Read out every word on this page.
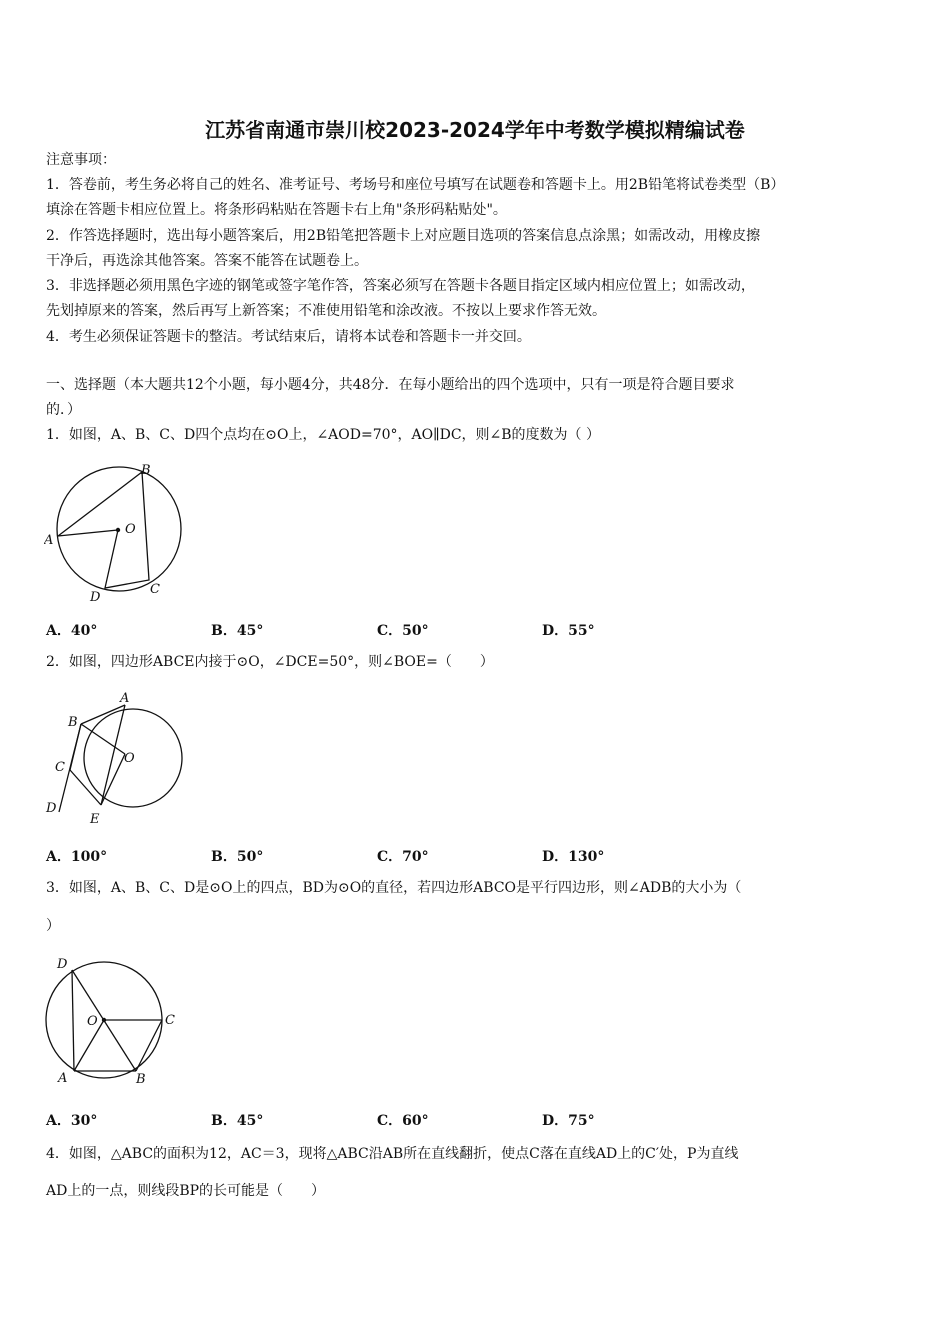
江苏省南通市崇川校2023-2024学年中考数学模拟精编试卷
注意事项：
1．答卷前，考生务必将自己的姓名、准考证号、考场号和座位号填写在试题卷和答题卡上。用2B铅笔将试卷类型（B）
填涂在答题卡相应位置上。将条形码粘贴在答题卡右上角"条形码粘贴处"。
2．作答选择题时，选出每小题答案后，用2B铅笔把答题卡上对应题目选项的答案信息点涂黑；如需改动，用橡皮擦
干净后，再选涂其他答案。答案不能答在试题卷上。
3．非选择题必须用黑色字迹的钢笔或签字笔作答，答案必须写在答题卡各题目指定区域内相应位置上；如需改动，
先划掉原来的答案，然后再写上新答案；不准使用铅笔和涂改液。不按以上要求作答无效。
4．考生必须保证答题卡的整洁。考试结束后，请将本试卷和答题卡一并交回。
一、选择题（本大题共12个小题，每小题4分，共48分．在每小题给出的四个选项中，只有一项是符合题目要求
的．）
1．如图，A、B、C、D四个点均在⊙O上，∠AOD=70°，AO∥DC，则∠B的度数为（ ）
A
B
C
D
O
A．40°	B．45°	C．50°	D．55°
2．如图，四边形ABCE内接于⊙O，∠DCE=50°，则∠BOE=（　　）
A
B
C
D
E
O
A．100°	B．50°	C．70°	D．130°
3．如图，A、B、C、D是⊙O上的四点，BD为⊙O的直径，若四边形ABCO是平行四边形，则∠ADB的大小为（
）
D
C
A	B
O
A．30°	B．45°	C．60°	D．75°
4．如图，△ABC的面积为12，AC＝3，现将△ABC沿AB所在直线翻折，使点C落在直线AD上的C′处，P为直线
AD上的一点，则线段BP的长可能是（　　）
